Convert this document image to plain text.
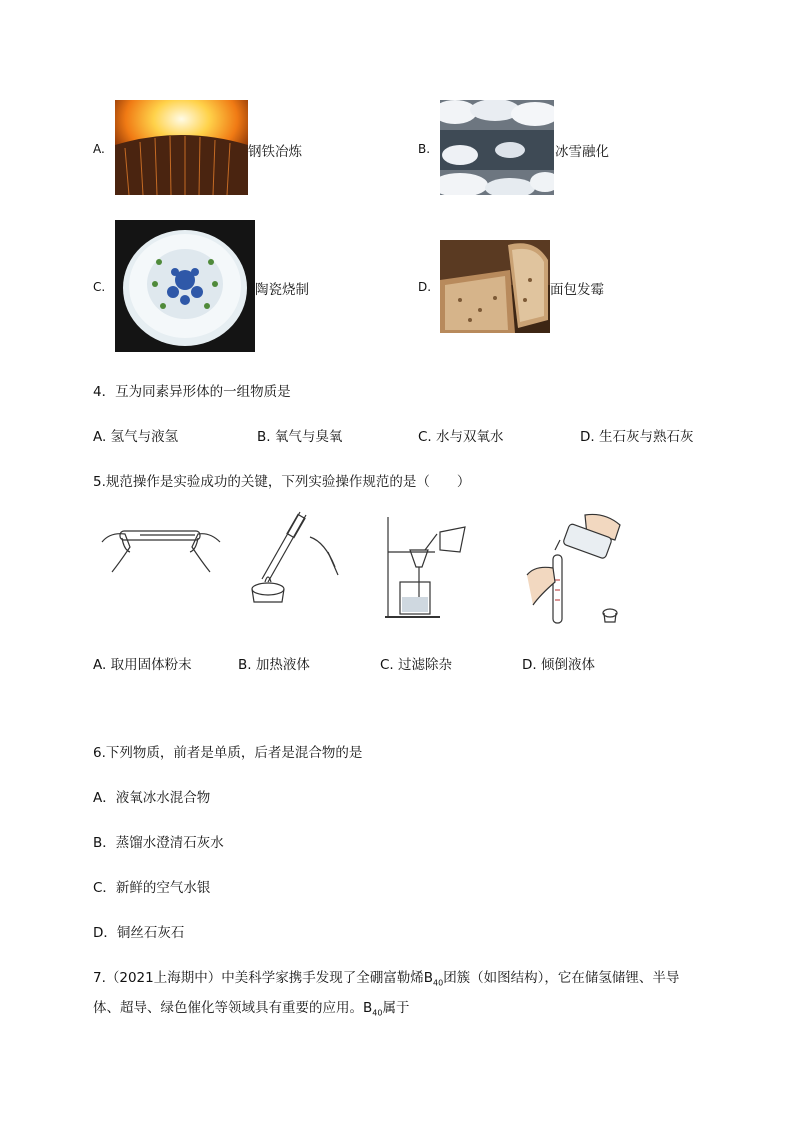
A.	钢铁冶炼	B.	冰雪融化
C.	陶瓷烧制	D.	面包发霉
4．互为同素异形体的一组物质是
A. 氢气与液氢	B. 氧气与臭氧	C. 水与双氧水	D. 生石灰与熟石灰
5.规范操作是实验成功的关键，下列实验操作规范的是（　　）
A. 取用固体粉末	B. 加热液体	C. 过滤除杂	D. 倾倒液体
6.下列物质，前者是单质，后者是混合物的是
A．液氧冰水混合物
B．蒸馏水澄清石灰水
C．新鲜的空气水银
D．铜丝石灰石
7.（2021上海期中）中美科学家携手发现了全硼富勒烯$B_{40}$团簇（如图结构），它在储氢储锂、半导
体、超导、绿色催化等领域具有重要的应用。$B_{40}$属于
